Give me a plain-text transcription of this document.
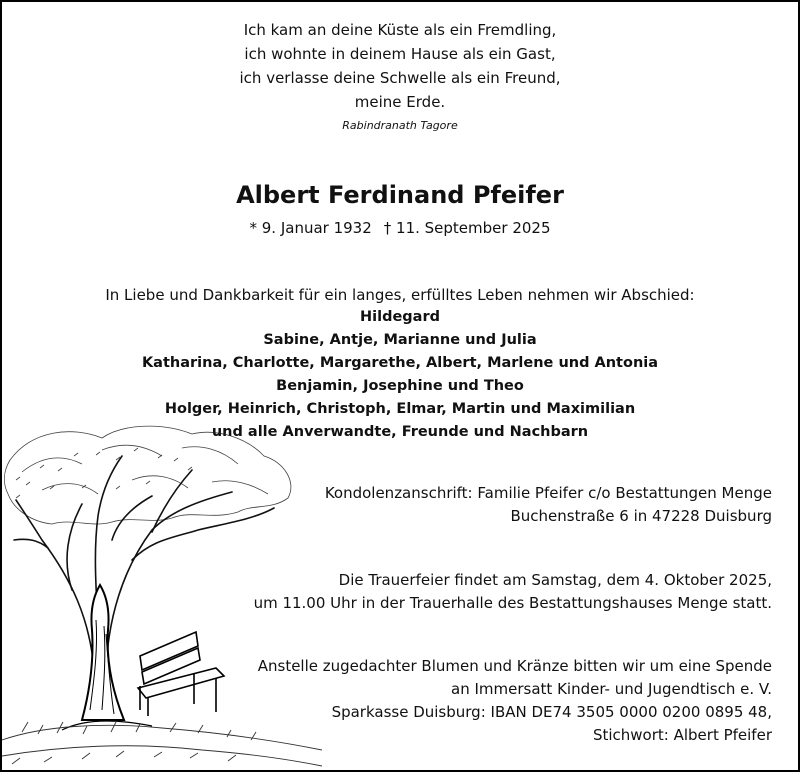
Ich kam an deine Küste als ein Fremdling,
ich wohnte in deinem Hause als ein Gast,
ich verlasse deine Schwelle als ein Freund,
meine Erde.
Rabindranath Tagore
Albert Ferdinand Pfeifer
* 9. Januar 1932 † 11. September 2025
In Liebe und Dankbarkeit für ein langes, erfülltes Leben nehmen wir Abschied:
Hildegard
Sabine, Antje, Marianne und Julia
Katharina, Charlotte, Margarethe, Albert, Marlene und Antonia
Benjamin, Josephine und Theo
Holger, Heinrich, Christoph, Elmar, Martin und Maximilian
und alle Anverwandte, Freunde und Nachbarn
Kondolenzanschrift: Familie Pfeifer c/o Bestattungen Menge
Buchenstraße 6 in 47228 Duisburg
Die Trauerfeier findet am Samstag, dem 4. Oktober 2025,
um 11.00 Uhr in der Trauerhalle des Bestattungshauses Menge statt.
Anstelle zugedachter Blumen und Kränze bitten wir um eine Spende
an Immersatt Kinder- und Jugendtisch e. V.
Sparkasse Duisburg: IBAN DE74 3505 0000 0200 0895 48,
Stichwort: Albert Pfeifer
